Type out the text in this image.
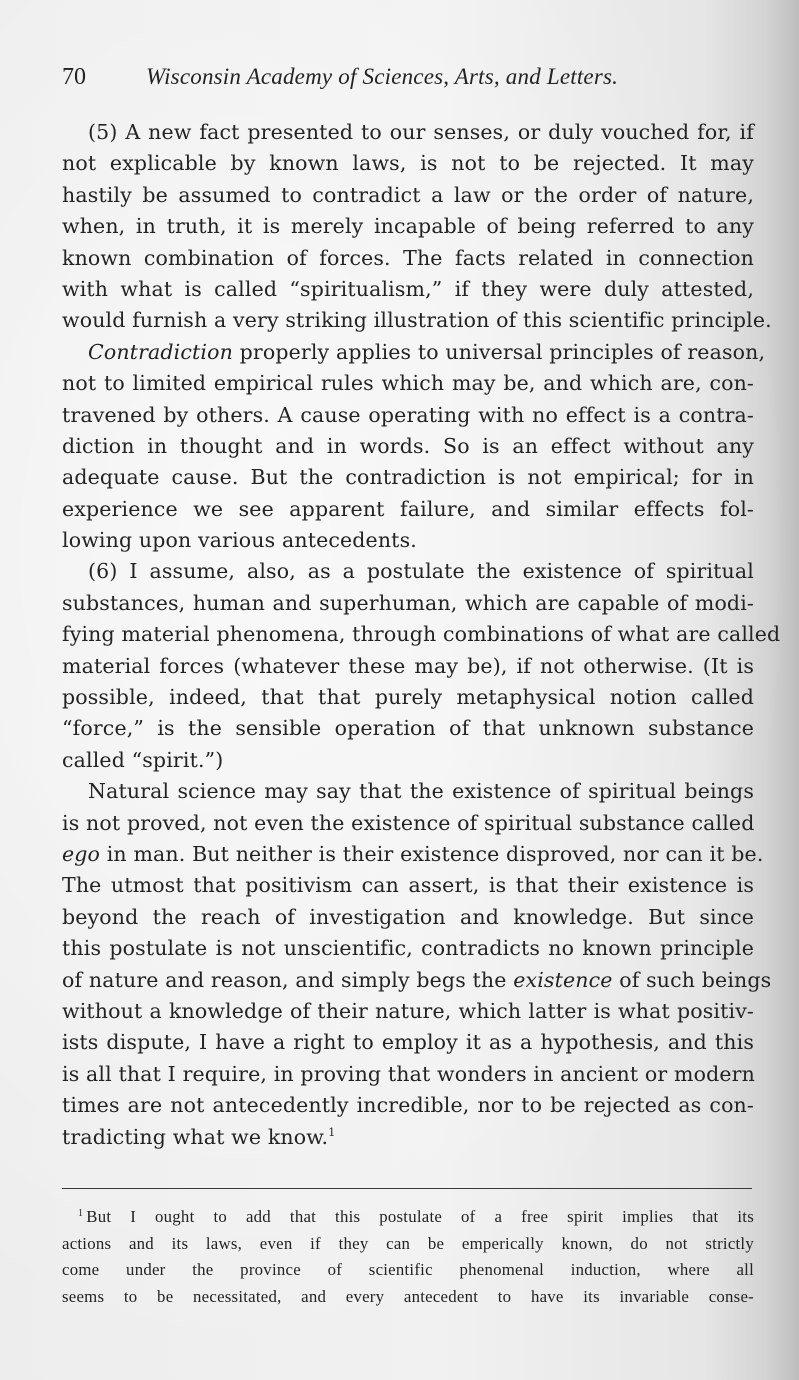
70	Wisconsin Academy of Sciences, Arts, and Letters.
(5) A new fact presented to our senses, or duly vouched for, if
not explicable by known laws, is not to be rejected. It may
hastily be assumed to contradict a law or the order of nature,
when, in truth, it is merely incapable of being referred to any
known combination of forces. The facts related in connection
with what is called “spiritualism,” if they were duly attested,
would furnish a very striking illustration of this scientific principle.
Contradiction properly applies to universal principles of reason,
not to limited empirical rules which may be, and which are, con-
travened by others. A cause operating with no effect is a contra-
diction in thought and in words. So is an effect without any
adequate cause. But the contradiction is not empirical; for in
experience we see apparent failure, and similar effects fol-
lowing upon various antecedents.
(6) I assume, also, as a postulate the existence of spiritual
substances, human and superhuman, which are capable of modi-
fying material phenomena, through combinations of what are called
material forces (whatever these may be), if not otherwise. (It is
possible, indeed, that that purely metaphysical notion called
“force,” is the sensible operation of that unknown substance
called “spirit.”)
Natural science may say that the existence of spiritual beings
is not proved, not even the existence of spiritual substance called
ego in man. But neither is their existence disproved, nor can it be.
The utmost that positivism can assert, is that their existence is
beyond the reach of investigation and knowledge. But since
this postulate is not unscientific, contradicts no known principle
of nature and reason, and simply begs the existence of such beings
without a knowledge of their nature, which latter is what positiv-
ists dispute, I have a right to employ it as a hypothesis, and this
is all that I require, in proving that wonders in ancient or modern
times are not antecedently incredible, nor to be rejected as con-
tradicting what we know.$^1$
$^1$ But I ought to add that this postulate of a free spirit implies that its
actions and its laws, even if they can be emperically known, do not strictly
come under the province of scientific phenomenal induction, where all
seems to be necessitated, and every antecedent to have its invariable conse-
